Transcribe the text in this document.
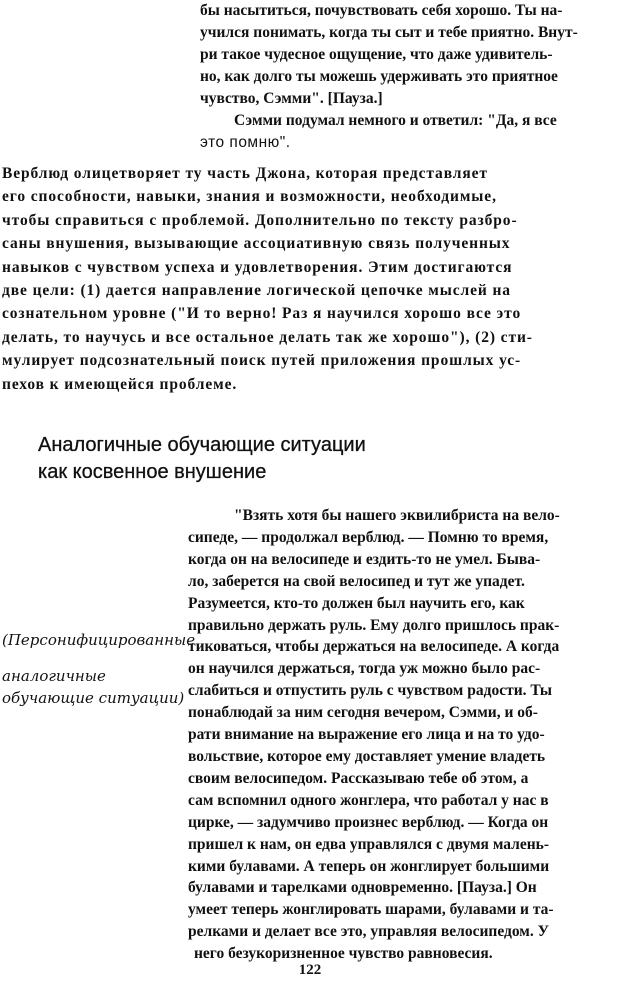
бы насытиться, почувствовать себя хорошо. Ты на-

учился понимать, когда ты сыт и тебе приятно. Внут-

ри такое чудесное ощущение, что даже удивитель-

но, как долго ты можешь удерживать это приятное

чувство, Сэмми". [Пауза.]

Сэмми подумал немного и ответил: "Да, я все

это помню".

Верблюд олицетворяет ту часть Джона, которая представляет

его способности, навыки, знания и возможности, необходимые,

чтобы справиться с проблемой. Дополнительно по тексту разбро-

саны внушения, вызывающие ассоциативную связь полученных

навыков с чувством успеха и удовлетворения. Этим достигаются

две цели: (1) дается направление логической цепочке мыслей на

сознательном уровне ("И то верно! Раз я научился хорошо все это

делать, то научусь и все остальное делать так же хорошо"), (2) сти-

мулирует подсознательный поиск путей приложения прошлых ус-

пехов к имеющейся проблеме.

Аналогичные обучающие ситуации

как косвенное внушение

(Персонифицированные
аналогичные
обучающие ситуации)

"Взять хотя бы нашего эквилибриста на вело-

сипеде, — продолжал верблюд. — Помню то время,

когда он на велосипеде и ездить-то не умел. Быва-

ло, заберется на свой велосипед и тут же упадет.

Разумеется, кто-то должен был научить его, как

правильно держать руль. Ему долго пришлось прак-

тиковаться, чтобы держаться на велосипеде. А когда

он научился держаться, тогда уж можно было рас-

слабиться и отпустить руль с чувством радости. Ты

понаблюдай за ним сегодня вечером, Сэмми, и об-

рати внимание на выражение его лица и на то удо-

вольствие, которое ему доставляет умение владеть

своим велосипедом. Рассказываю тебе об этом, а

сам вспомнил одного жонглера, что работал у нас в

цирке, — задумчиво произнес верблюд. — Когда он

пришел к нам, он едва управлялся с двумя малень-

кими булавами. А теперь он жонглирует большими

булавами и тарелками одновременно. [Пауза.] Он

умеет теперь жонглировать шарами, булавами и та-

релками и делает все это, управляя велосипедом. У

него безукоризненное чувство равновесия.

122
